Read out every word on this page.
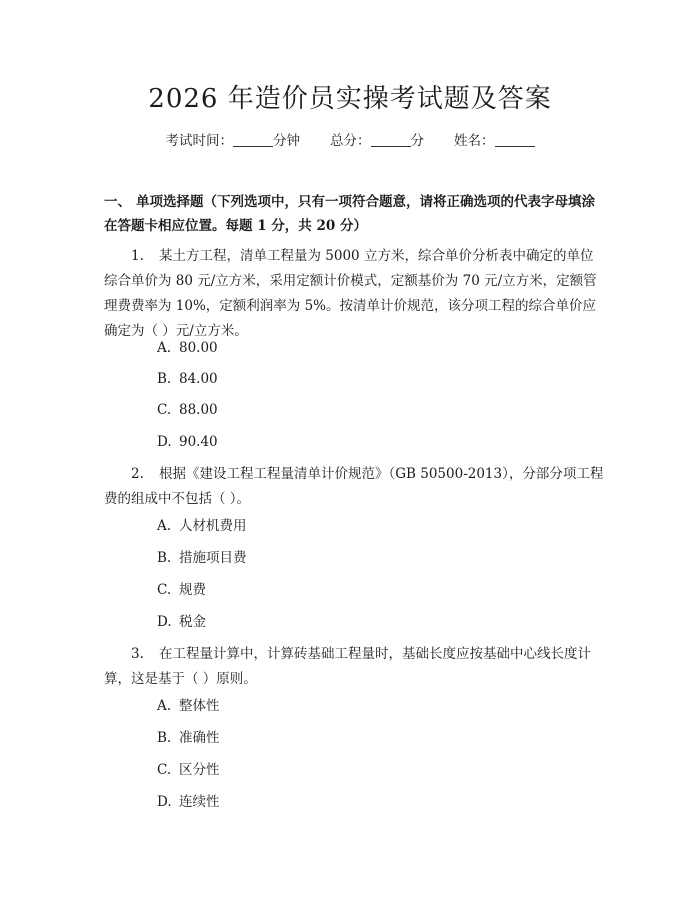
2026 年造价员实操考试题及答案
考试时间：	分钟 总分：	分 姓名：
一、 单项选择题（下列选项中，只有一项符合题意，请将正确选项的代表字母填涂在答题卡相应位置。每题 1 分，共 20 分）
1. 某土方工程，清单工程量为 5000 立方米，综合单价分析表中确定的单位综合单价为 80 元/立方米，采用定额计价模式，定额基价为 70 元/立方米，定额管理费费率为 10%，定额利润率为 5%。按清单计价规范，该分项工程的综合单价应确定为（ ）元/立方米。
A. 80.00
B. 84.00
C. 88.00
D. 90.40
2. 根据《建设工程工程量清单计价规范》（GB 50500-2013），分部分项工程费的组成中不包括（ ）。
A. 人材机费用
B. 措施项目费
C. 规费
D. 税金
3. 在工程量计算中，计算砖基础工程量时，基础长度应按基础中心线长度计算，这是基于（ ）原则。
A. 整体性
B. 准确性
C. 区分性
D. 连续性
